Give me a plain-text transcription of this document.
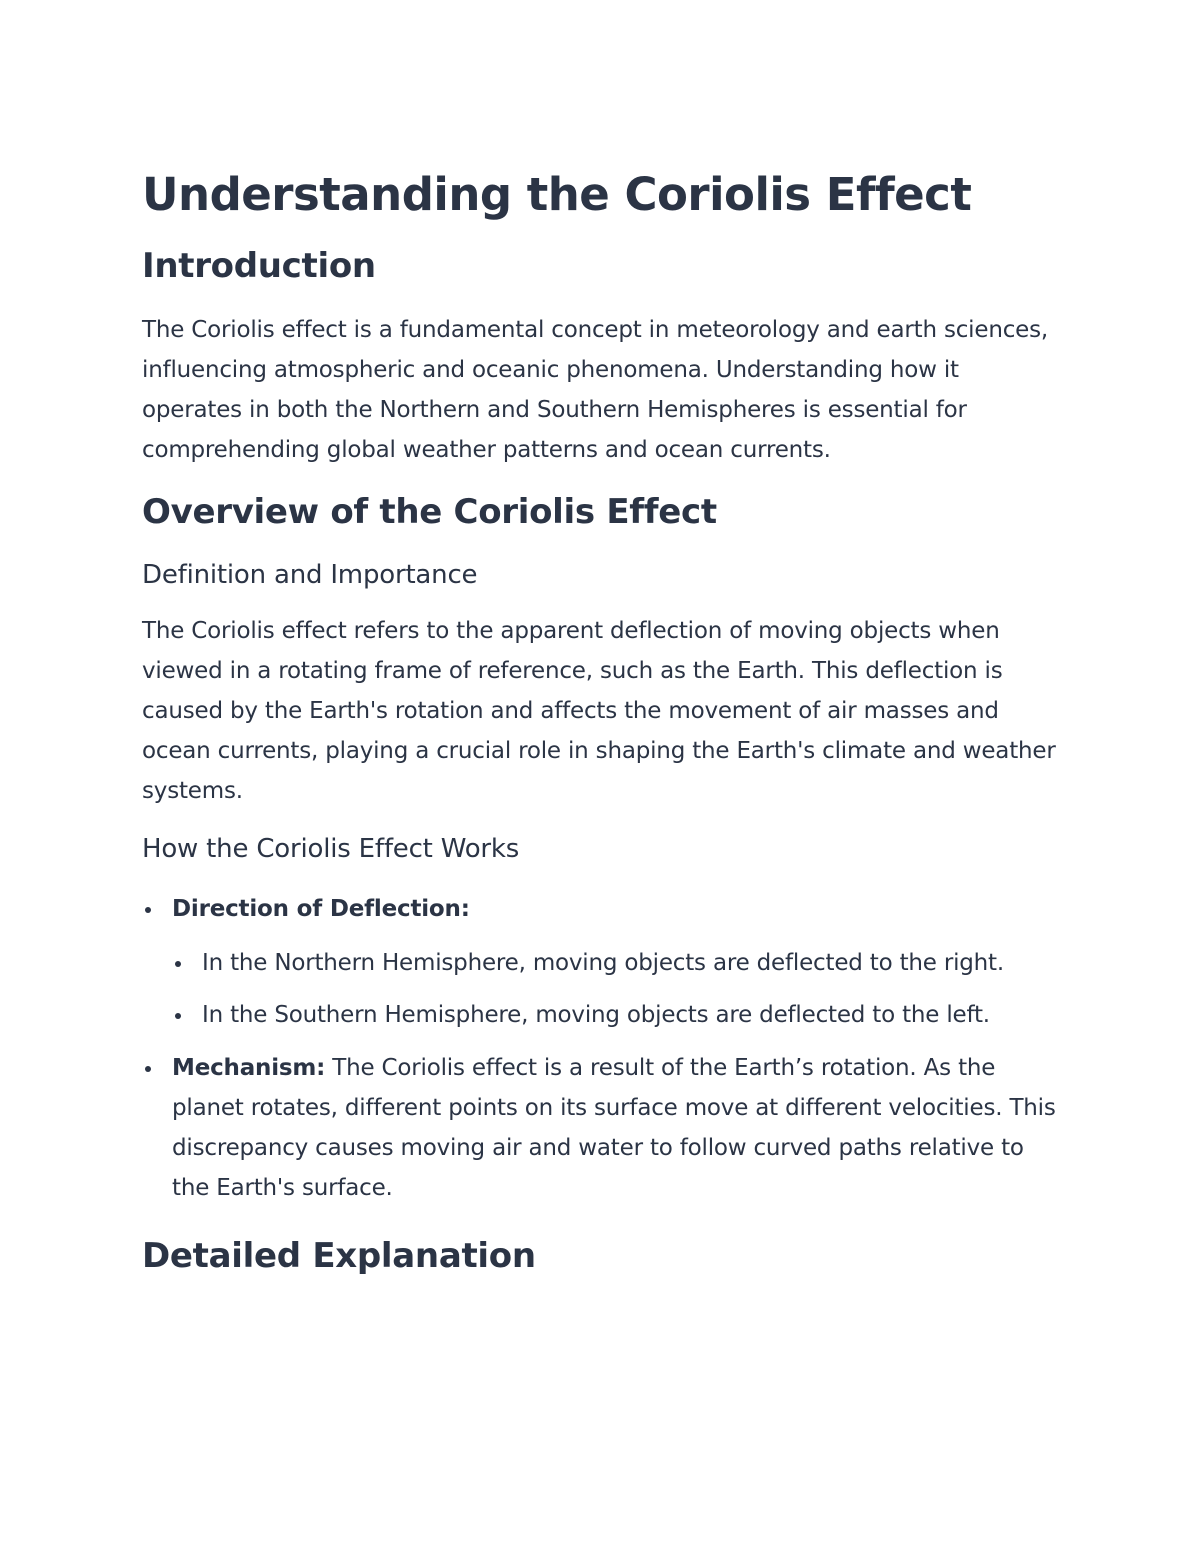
Understanding the Coriolis Effect
Introduction

The Coriolis effect is a fundamental concept in meteorology and earth sciences, influencing atmospheric and oceanic phenomena. Understanding how it operates in both the Northern and Southern Hemispheres is essential for comprehending global weather patterns and ocean currents.

Overview of the Coriolis Effect
Definition and Importance

The Coriolis effect refers to the apparent deflection of moving objects when viewed in a rotating frame of reference, such as the Earth. This deflection is caused by the Earth's rotation and affects the movement of air masses and ocean currents, playing a crucial role in shaping the Earth's climate and weather systems.

How the Coriolis Effect Works
Direction of Deflection:
In the Northern Hemisphere, moving objects are deflected to the right.
In the Southern Hemisphere, moving objects are deflected to the left.
Mechanism: The Coriolis effect is a result of the Earth’s rotation. As the planet rotates, different points on its surface move at different velocities. This discrepancy causes moving air and water to follow curved paths relative to the Earth's surface.
Detailed Explanation
